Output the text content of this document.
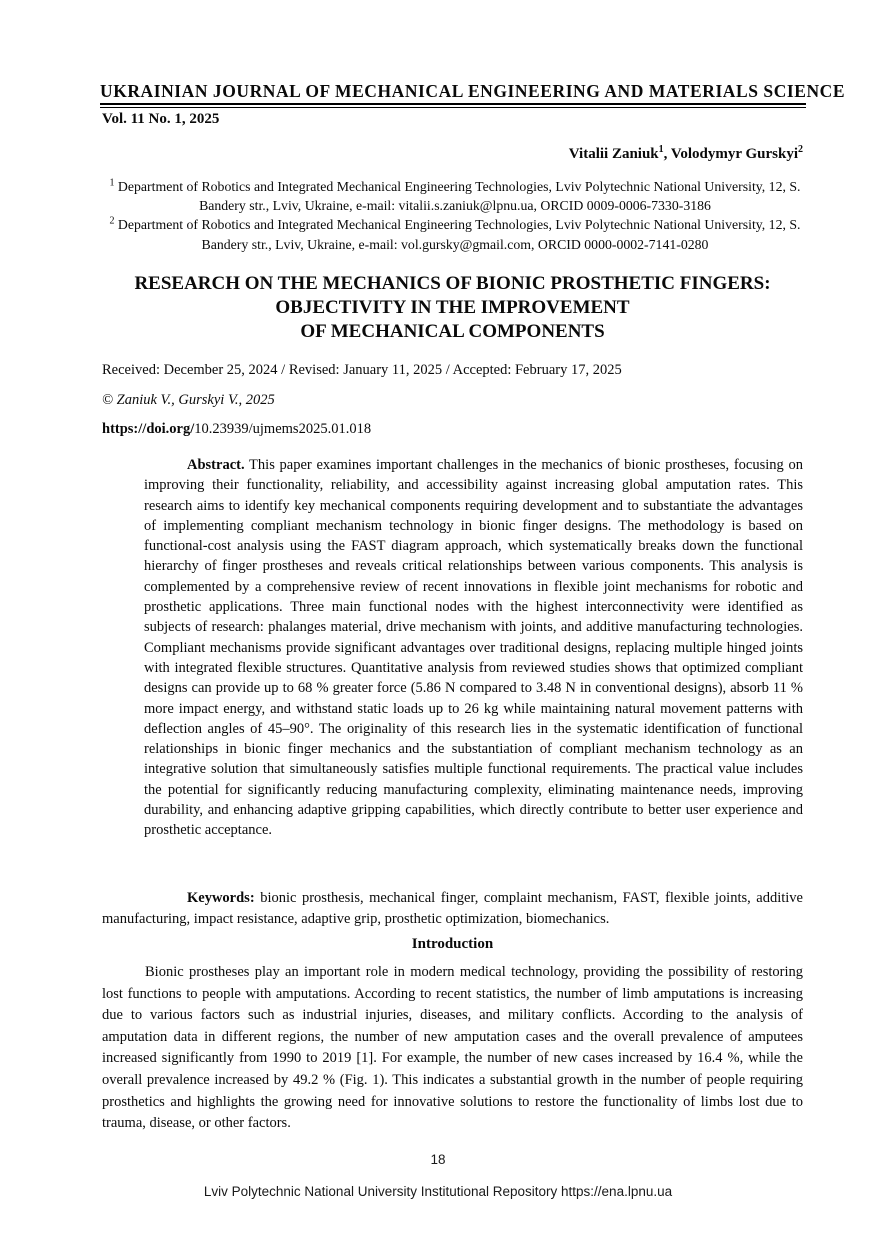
UKRAINIAN JOURNAL OF MECHANICAL ENGINEERING AND MATERIALS SCIENCE
Vol. 11 No. 1, 2025
Vitalii Zaniuk$^1$, Volodymyr Gurskyi$^2$
$^1$ Department of Robotics and Integrated Mechanical Engineering Technologies, Lviv Polytechnic National University, 12, S. Bandery str., Lviv, Ukraine, e-mail: vitalii.s.zaniuk@lpnu.ua, ORCID 0009-0006-7330-3186
$^2$ Department of Robotics and Integrated Mechanical Engineering Technologies, Lviv Polytechnic National University, 12, S. Bandery str., Lviv, Ukraine, e-mail: vol.gursky@gmail.com, ORCID 0000-0002-7141-0280
RESEARCH ON THE MECHANICS OF BIONIC PROSTHETIC FINGERS:
OBJECTIVITY IN THE IMPROVEMENT
OF MECHANICAL COMPONENTS
Received: December 25, 2024 / Revised: January 11, 2025 / Accepted: February 17, 2025
© Zaniuk V., Gurskyi V., 2025
https://doi.org/10.23939/ujmems2025.01.018
Abstract. This paper examines important challenges in the mechanics of bionic prostheses, focusing on improving their functionality, reliability, and accessibility against increasing global amputation rates. This research aims to identify key mechanical components requiring development and to substantiate the advantages of implementing compliant mechanism technology in bionic finger designs. The methodology is based on functional-cost analysis using the FAST diagram approach, which systematically breaks down the functional hierarchy of finger prostheses and reveals critical relationships between various components. This analysis is complemented by a comprehensive review of recent innovations in flexible joint mechanisms for robotic and prosthetic applications. Three main functional nodes with the highest interconnectivity were identified as subjects of research: phalanges material, drive mechanism with joints, and additive manufacturing technologies. Compliant mechanisms provide significant advantages over traditional designs, replacing multiple hinged joints with integrated flexible structures. Quantitative analysis from reviewed studies shows that optimized compliant designs can provide up to 68 % greater force (5.86 N compared to 3.48 N in conventional designs), absorb 11 % more impact energy, and withstand static loads up to 26 kg while maintaining natural movement patterns with deflection angles of 45–90°. The originality of this research lies in the systematic identification of functional relationships in bionic finger mechanics and the substantiation of compliant mechanism technology as an integrative solution that simultaneously satisfies multiple functional requirements. The practical value includes the potential for significantly reducing manufacturing complexity, eliminating maintenance needs, improving durability, and enhancing adaptive gripping capabilities, which directly contribute to better user experience and prosthetic acceptance.
Keywords: bionic prosthesis, mechanical finger, complaint mechanism, FAST, flexible joints, additive manufacturing, impact resistance, adaptive grip, prosthetic optimization, biomechanics.
Introduction
Bionic prostheses play an important role in modern medical technology, providing the possibility of restoring lost functions to people with amputations. According to recent statistics, the number of limb amputations is increasing due to various factors such as industrial injuries, diseases, and military conflicts. According to the analysis of amputation data in different regions, the number of new amputation cases and the overall prevalence of amputees increased significantly from 1990 to 2019 [1]. For example, the number of new cases increased by 16.4 %, while the overall prevalence increased by 49.2 % (Fig. 1). This indicates a substantial growth in the number of people requiring prosthetics and highlights the growing need for innovative solutions to restore the functionality of limbs lost due to trauma, disease, or other factors.
18
Lviv Polytechnic National University Institutional Repository https://ena.lpnu.ua
